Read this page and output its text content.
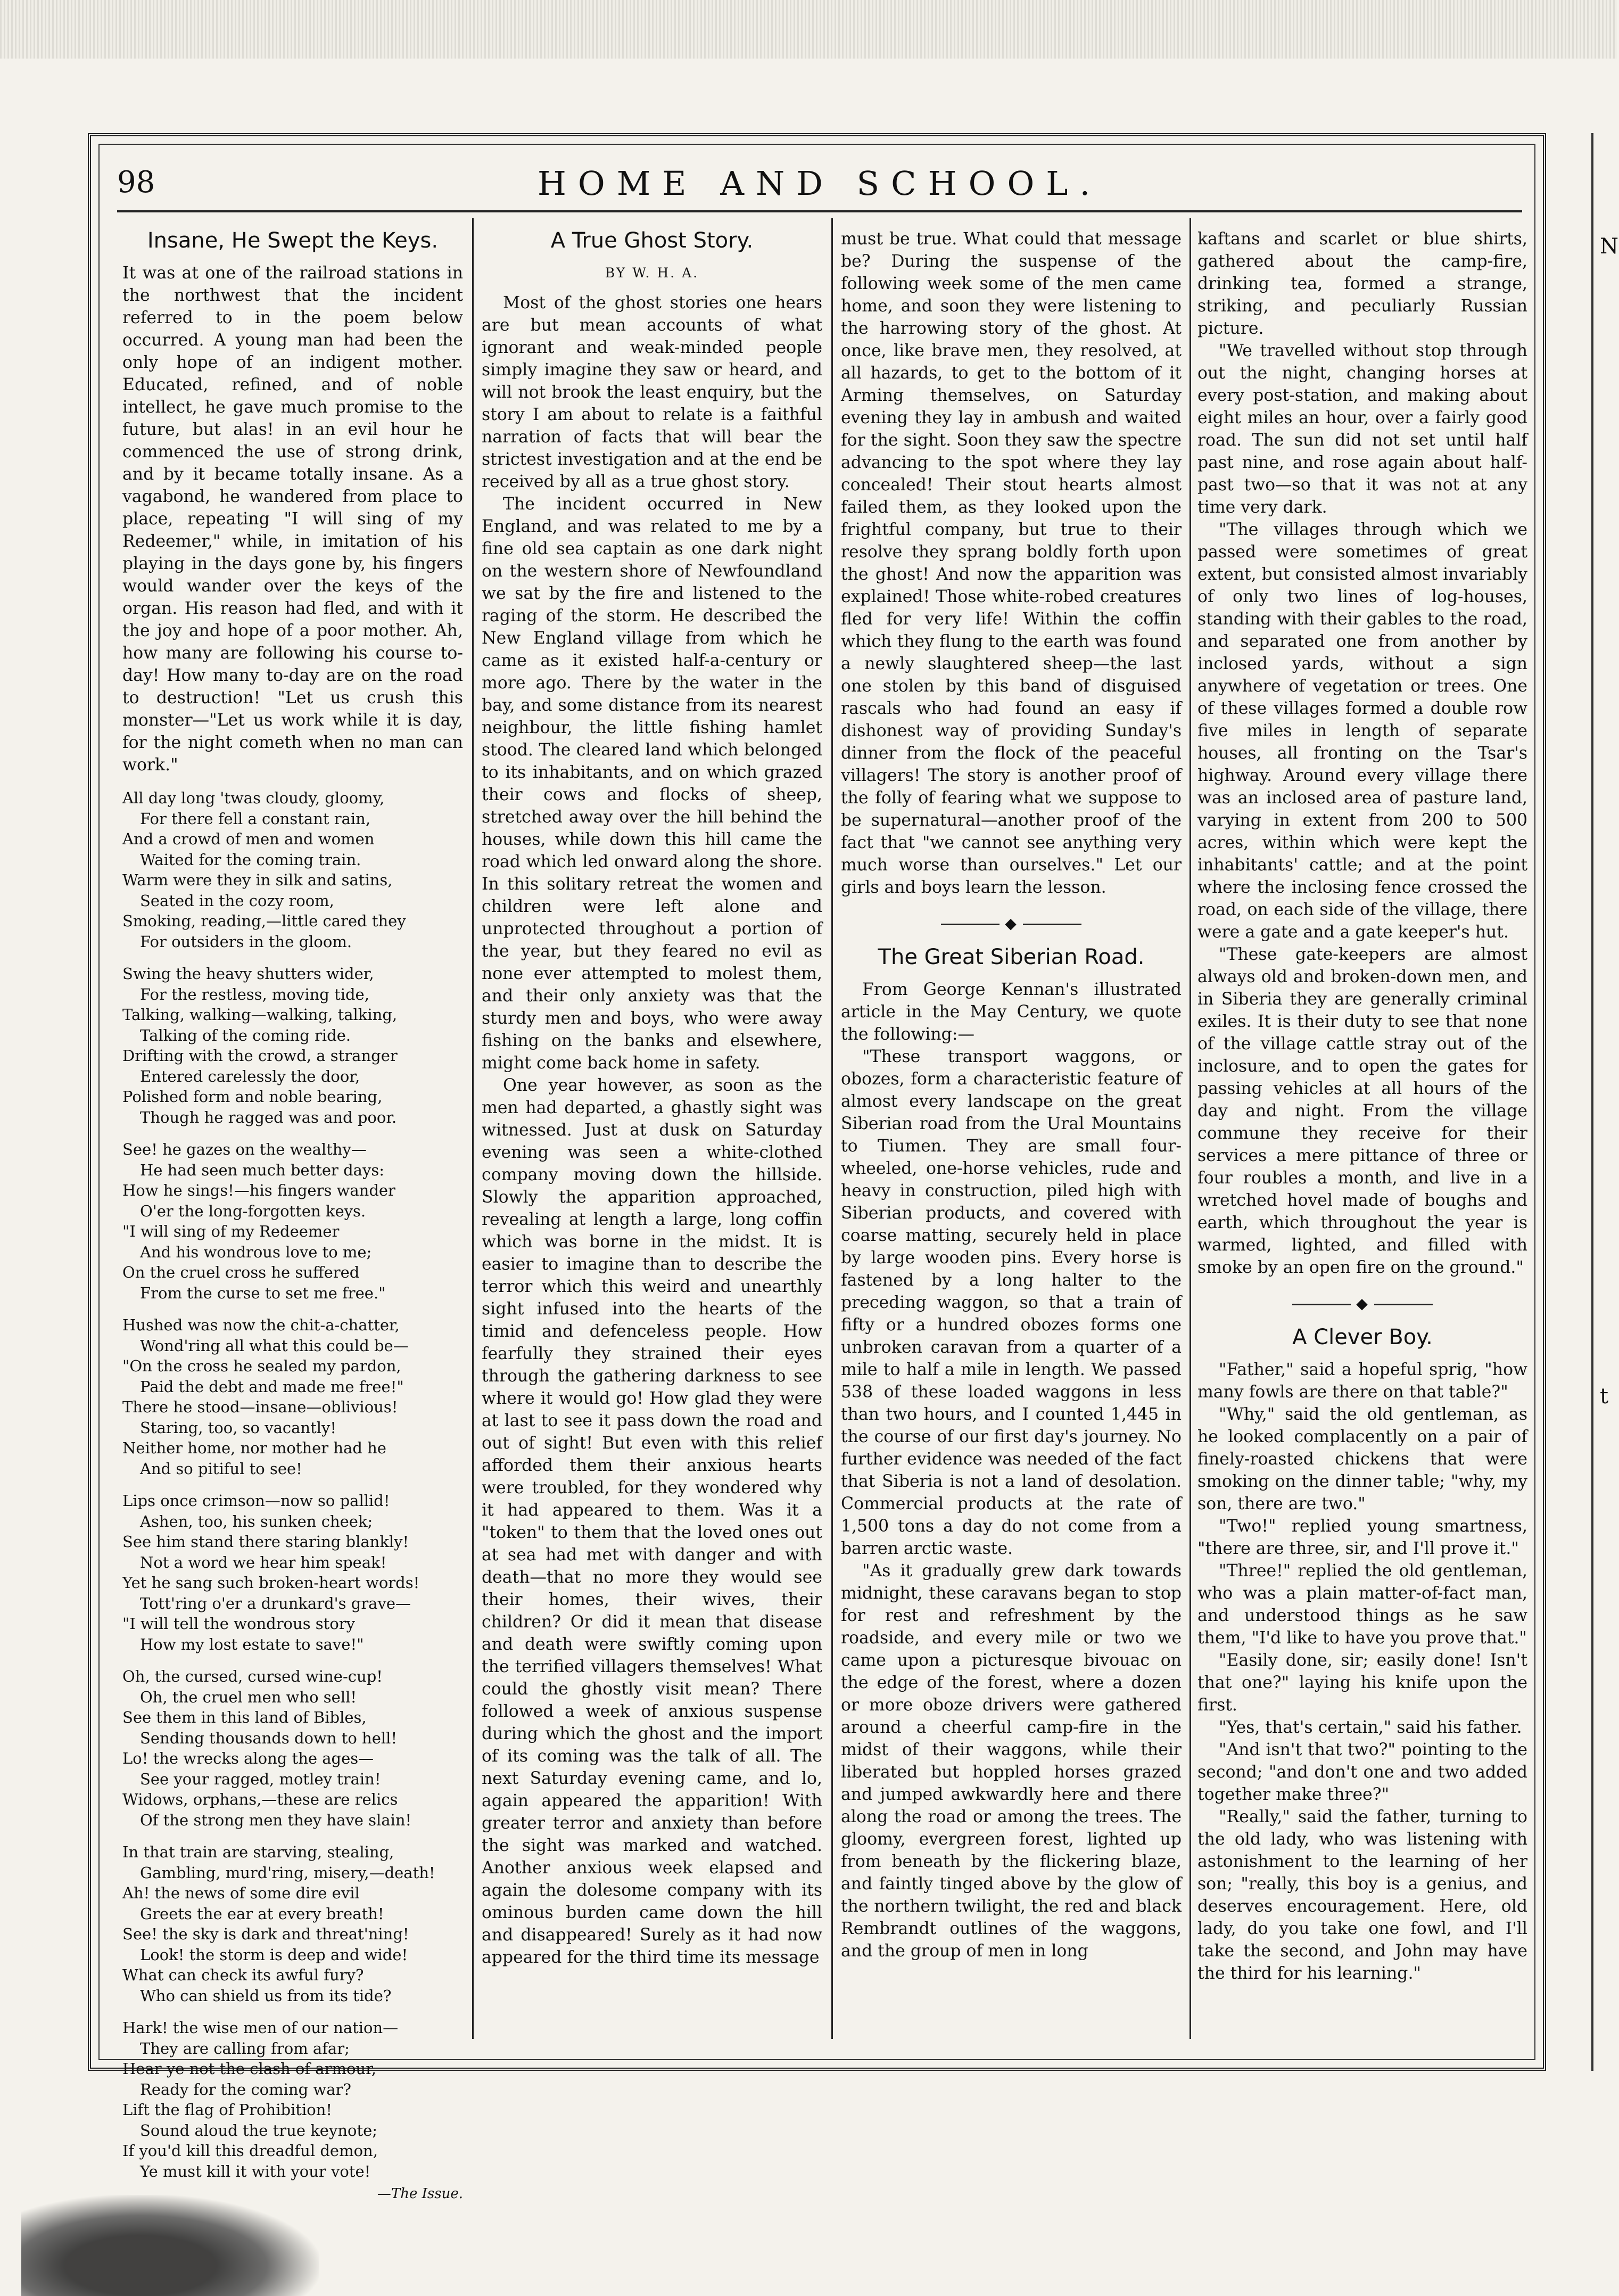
N
t
98	HOME AND SCHOOL.
Insane, He Swept the Keys.

It was at one of the railroad stations in the northwest that the incident referred to in the poem below occurred. A young man had been the only hope of an indigent mother. Educated, refined, and of noble intellect, he gave much promise to the future, but alas! in an evil hour he commenced the use of strong drink, and by it became totally insane. As a vagabond, he wandered from place to place, repeating "I will sing of my Redeemer," while, in imitation of his playing in the days gone by, his fingers would wander over the keys of the organ. His reason had fled, and with it the joy and hope of a poor mother. Ah, how many are following his course to-day! How many to-day are on the road to destruction! "Let us crush this monster—"Let us work while it is day, for the night cometh when no man can work."

All day long 'twas cloudy, gloomy,
For there fell a constant rain,
And a crowd of men and women
Waited for the coming train.
Warm were they in silk and satins,
Seated in the cozy room,
Smoking, reading,—little cared they
For outsiders in the gloom.
Swing the heavy shutters wider,
For the restless, moving tide,
Talking, walking—walking, talking,
Talking of the coming ride.
Drifting with the crowd, a stranger
Entered carelessly the door,
Polished form and noble bearing,
Though he ragged was and poor.
See! he gazes on the wealthy—
He had seen much better days:
How he sings!—his fingers wander
O'er the long-forgotten keys.
"I will sing of my Redeemer
And his wondrous love to me;
On the cruel cross he suffered
From the curse to set me free."
Hushed was now the chit-a-chatter,
Wond'ring all what this could be—
"On the cross he sealed my pardon,
Paid the debt and made me free!"
There he stood—insane—oblivious!
Staring, too, so vacantly!
Neither home, nor mother had he
And so pitiful to see!
Lips once crimson—now so pallid!
Ashen, too, his sunken cheek;
See him stand there staring blankly!
Not a word we hear him speak!
Yet he sang such broken-heart words!
Tott'ring o'er a drunkard's grave—
"I will tell the wondrous story
How my lost estate to save!"
Oh, the cursed, cursed wine-cup!
Oh, the cruel men who sell!
See them in this land of Bibles,
Sending thousands down to hell!
Lo! the wrecks along the ages—
See your ragged, motley train!
Widows, orphans,—these are relics
Of the strong men they have slain!
In that train are starving, stealing,
Gambling, murd'ring, misery,—death!
Ah! the news of some dire evil
Greets the ear at every breath!
See! the sky is dark and threat'ning!
Look! the storm is deep and wide!
What can check its awful fury?
Who can shield us from its tide?
Hark! the wise men of our nation—
They are calling from afar;
Hear ye not the clash of armour,
Ready for the coming war?
Lift the flag of Prohibition!
Sound aloud the true keynote;
If you'd kill this dreadful demon,
Ye must kill it with your vote!
—The Issue.
A True Ghost Story.
BY W. H. A.

Most of the ghost stories one hears are but mean accounts of what ignorant and weak-minded people simply imagine they saw or heard, and will not brook the least enquiry, but the story I am about to relate is a faithful narration of facts that will bear the strictest investigation and at the end be received by all as a true ghost story.

The incident occurred in New England, and was related to me by a fine old sea captain as one dark night on the western shore of Newfoundland we sat by the fire and listened to the raging of the storm. He described the New England village from which he came as it existed half-a-century or more ago. There by the water in the bay, and some distance from its nearest neighbour, the little fishing hamlet stood. The cleared land which belonged to its inhabitants, and on which grazed their cows and flocks of sheep, stretched away over the hill behind the houses, while down this hill came the road which led onward along the shore. In this solitary retreat the women and children were left alone and unprotected throughout a portion of the year, but they feared no evil as none ever attempted to molest them, and their only anxiety was that the sturdy men and boys, who were away fishing on the banks and elsewhere, might come back home in safety.

One year however, as soon as the men had departed, a ghastly sight was witnessed. Just at dusk on Saturday evening was seen a white-clothed company moving down the hillside. Slowly the apparition approached, revealing at length a large, long coffin which was borne in the midst. It is easier to imagine than to describe the terror which this weird and unearthly sight infused into the hearts of the timid and defenceless people. How fearfully they strained their eyes through the gathering darkness to see where it would go! How glad they were at last to see it pass down the road and out of sight! But even with this relief afforded them their anxious hearts were troubled, for they wondered why it had appeared to them. Was it a "token" to them that the loved ones out at sea had met with danger and with death—that no more they would see their homes, their wives, their children? Or did it mean that disease and death were swiftly coming upon the terrified villagers themselves! What could the ghostly visit mean? There followed a week of anxious suspense during which the ghost and the import of its coming was the talk of all. The next Saturday evening came, and lo, again appeared the apparition! With greater terror and anxiety than before the sight was marked and watched. Another anxious week elapsed and again the dolesome company with its ominous burden came down the hill and disappeared! Surely as it had now appeared for the third time its message

must be true. What could that message be? During the suspense of the following week some of the men came home, and soon they were listening to the harrowing story of the ghost. At once, like brave men, they resolved, at all hazards, to get to the bottom of it Arming themselves, on Saturday evening they lay in ambush and waited for the sight. Soon they saw the spectre advancing to the spot where they lay concealed! Their stout hearts almost failed them, as they looked upon the frightful company, but true to their resolve they sprang boldly forth upon the ghost! And now the apparition was explained! Those white-robed creatures fled for very life! Within the coffin which they flung to the earth was found a newly slaughtered sheep—the last one stolen by this band of disguised rascals who had found an easy if dishonest way of providing Sunday's dinner from the flock of the peaceful villagers! The story is another proof of the folly of fearing what we suppose to be supernatural—another proof of the fact that "we cannot see anything very much worse than ourselves." Let our girls and boys learn the lesson.

◆
The Great Siberian Road.

From George Kennan's illustrated article in the May Century, we quote the following:—

"These transport waggons, or obozes, form a characteristic feature of almost every landscape on the great Siberian road from the Ural Mountains to Tiumen. They are small four-wheeled, one-horse vehicles, rude and heavy in construction, piled high with Siberian products, and covered with coarse matting, securely held in place by large wooden pins. Every horse is fastened by a long halter to the preceding waggon, so that a train of fifty or a hundred obozes forms one unbroken caravan from a quarter of a mile to half a mile in length. We passed 538 of these loaded waggons in less than two hours, and I counted 1,445 in the course of our first day's journey. No further evidence was needed of the fact that Siberia is not a land of desolation. Commercial products at the rate of 1,500 tons a day do not come from a barren arctic waste.

"As it gradually grew dark towards midnight, these caravans began to stop for rest and refreshment by the roadside, and every mile or two we came upon a picturesque bivouac on the edge of the forest, where a dozen or more oboze drivers were gathered around a cheerful camp-fire in the midst of their waggons, while their liberated but hoppled horses grazed and jumped awkwardly here and there along the road or among the trees. The gloomy, evergreen forest, lighted up from beneath by the flickering blaze, and faintly tinged above by the glow of the northern twilight, the red and black Rembrandt outlines of the waggons, and the group of men in long

kaftans and scarlet or blue shirts, gathered about the camp-fire, drinking tea, formed a strange, striking, and peculiarly Russian picture.

"We travelled without stop through out the night, changing horses at every post-station, and making about eight miles an hour, over a fairly good road. The sun did not set until half past nine, and rose again about half-past two—so that it was not at any time very dark.

"The villages through which we passed were sometimes of great extent, but consisted almost invariably of only two lines of log-houses, standing with their gables to the road, and separated one from another by inclosed yards, without a sign anywhere of vegetation or trees. One of these villages formed a double row five miles in length of separate houses, all fronting on the Tsar's highway. Around every village there was an inclosed area of pasture land, varying in extent from 200 to 500 acres, within which were kept the inhabitants' cattle; and at the point where the inclosing fence crossed the road, on each side of the village, there were a gate and a gate keeper's hut.

"These gate-keepers are almost always old and broken-down men, and in Siberia they are generally criminal exiles. It is their duty to see that none of the village cattle stray out of the inclosure, and to open the gates for passing vehicles at all hours of the day and night. From the village commune they receive for their services a mere pittance of three or four roubles a month, and live in a wretched hovel made of boughs and earth, which throughout the year is warmed, lighted, and filled with smoke by an open fire on the ground."

◆
A Clever Boy.

"Father," said a hopeful sprig, "how many fowls are there on that table?"

"Why," said the old gentleman, as he looked complacently on a pair of finely-roasted chickens that were smoking on the dinner table; "why, my son, there are two."

"Two!" replied young smartness, "there are three, sir, and I'll prove it."

"Three!" replied the old gentleman, who was a plain matter-of-fact man, and understood things as he saw them, "I'd like to have you prove that."

"Easily done, sir; easily done! Isn't that one?" laying his knife upon the first.

"Yes, that's certain," said his father.

"And isn't that two?" pointing to the second; "and don't one and two added together make three?"

"Really," said the father, turning to the old lady, who was listening with astonishment to the learning of her son; "really, this boy is a genius, and deserves encouragement. Here, old lady, do you take one fowl, and I'll take the second, and John may have the third for his learning."
